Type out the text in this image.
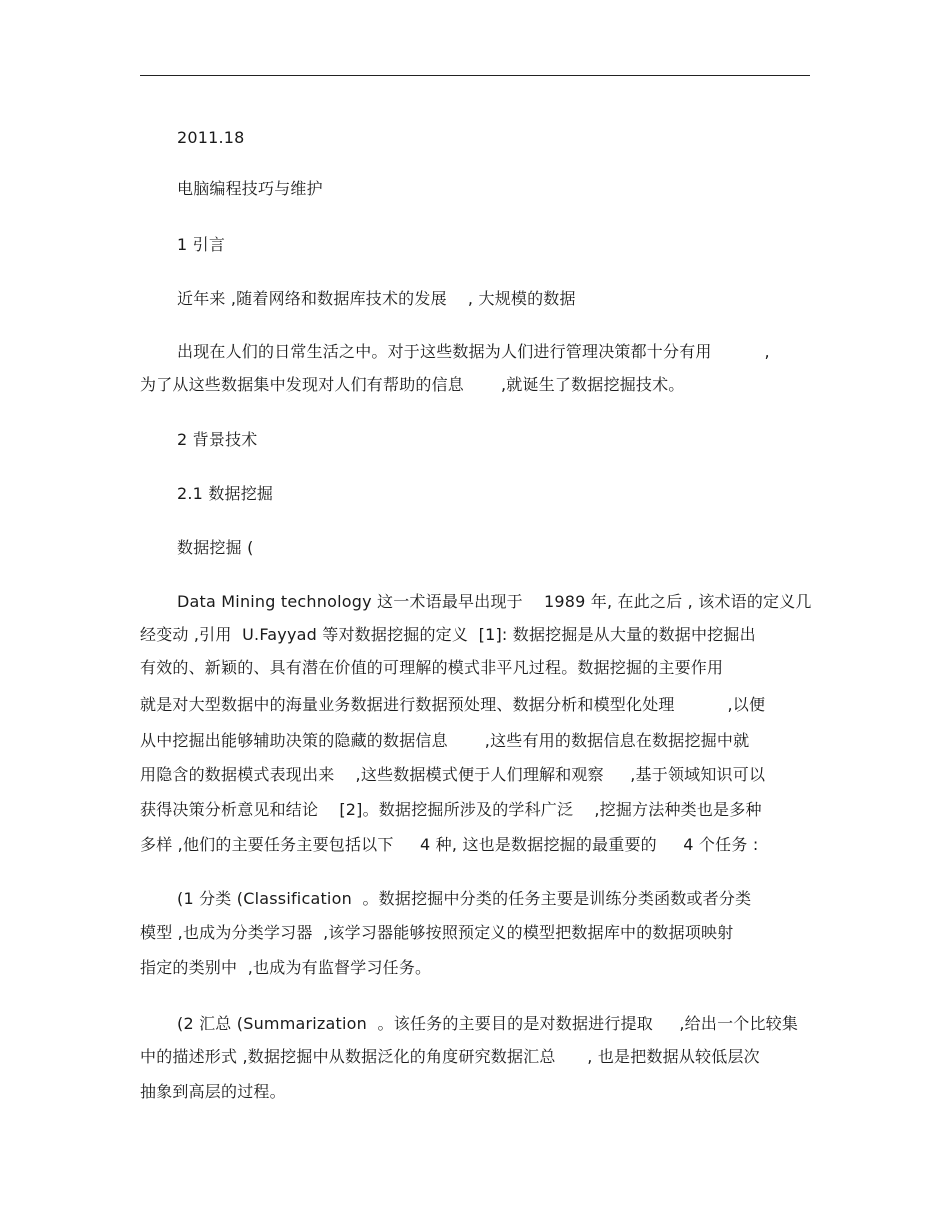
2011.18
电脑编程技巧与维护
1 引言
近年来 ,随着网络和数据库技术的发展    , 大规模的数据
出现在人们的日常生活之中。对于这些数据为人们进行管理决策都十分有用          ,
为了从这些数据集中发现对人们有帮助的信息       ,就诞生了数据挖掘技术。
2 背景技术
2.1 数据挖掘
数据挖掘 (
Data Mining technology 这一术语最早出现于    1989 年, 在此之后 , 该术语的定义几
经变动 ,引用  U.Fayyad 等对数据挖掘的定义  [1]: 数据挖掘是从大量的数据中挖掘出
有效的、新颖的、具有潜在价值的可理解的模式非平凡过程。数据挖掘的主要作用
就是对大型数据中的海量业务数据进行数据预处理、数据分析和模型化处理          ,以便
从中挖掘出能够辅助决策的隐藏的数据信息       ,这些有用的数据信息在数据挖掘中就
用隐含的数据模式表现出来    ,这些数据模式便于人们理解和观察     ,基于领域知识可以
获得决策分析意见和结论    [2]。数据挖掘所涉及的学科广泛    ,挖掘方法种类也是多种
多样 ,他们的主要任务主要包括以下     4 种, 这也是数据挖掘的最重要的     4 个任务 :
(1 分类 (Classification  。数据挖掘中分类的任务主要是训练分类函数或者分类
模型 ,也成为分类学习器  ,该学习器能够按照预定义的模型把数据库中的数据项映射
指定的类别中  ,也成为有监督学习任务。
(2 汇总 (Summarization  。该任务的主要目的是对数据进行提取     ,给出一个比较集
中的描述形式 ,数据挖掘中从数据泛化的角度研究数据汇总      , 也是把数据从较低层次
抽象到高层的过程。
